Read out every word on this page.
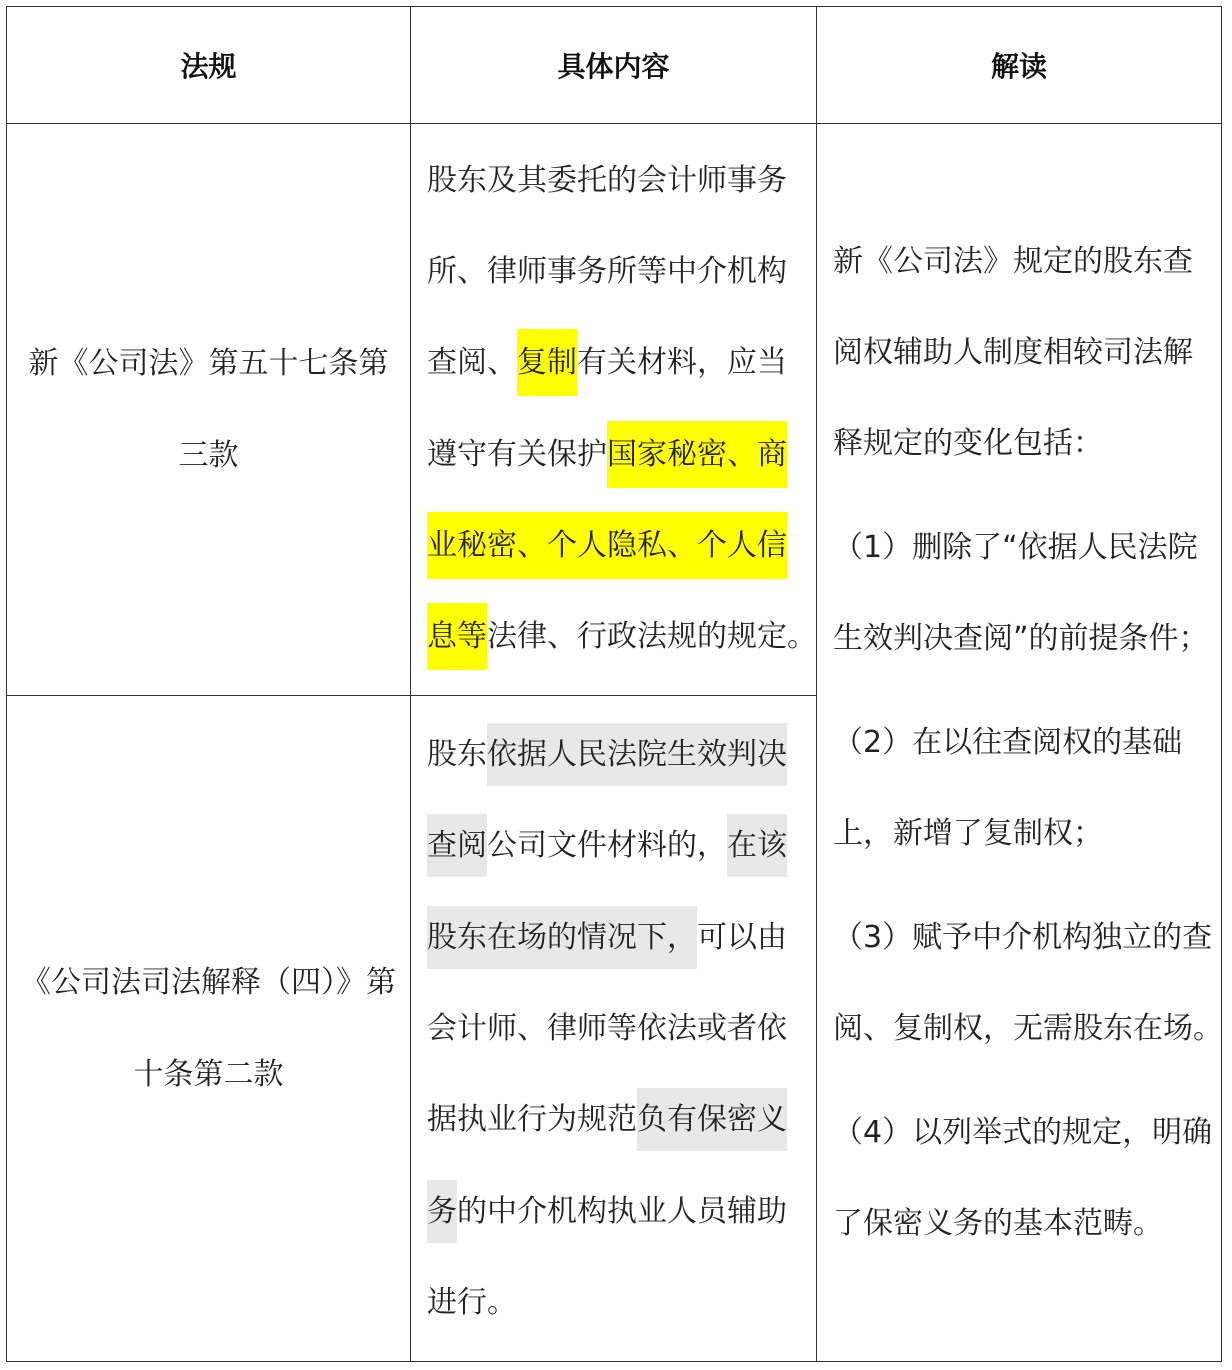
法规	具体内容	解读

新《公司法》第五十七条第

三款

《公司法司法解释（四）》第

十条第二款

股东及其委托的会计师事务
所、律师事务所等中介机构
查阅、复制有关材料，应当
遵守有关保护国家秘密、商
业秘密、个人隐私、个人信
息等法律、行政法规的规定。
股东依据人民法院生效判决
查阅公司文件材料的，在该
股东在场的情况下，可以由
会计师、律师等依法或者依
据执业行为规范负有保密义
务的中介机构执业人员辅助
进行。
新《公司法》规定的股东查
阅权辅助人制度相较司法解
释规定的变化包括：
（1）删除了“依据人民法院
生效判决查阅”的前提条件；
（2）在以往查阅权的基础
上，新增了复制权；
（3）赋予中介机构独立的查
阅、复制权，无需股东在场。
（4）以列举式的规定，明确
了保密义务的基本范畴。
